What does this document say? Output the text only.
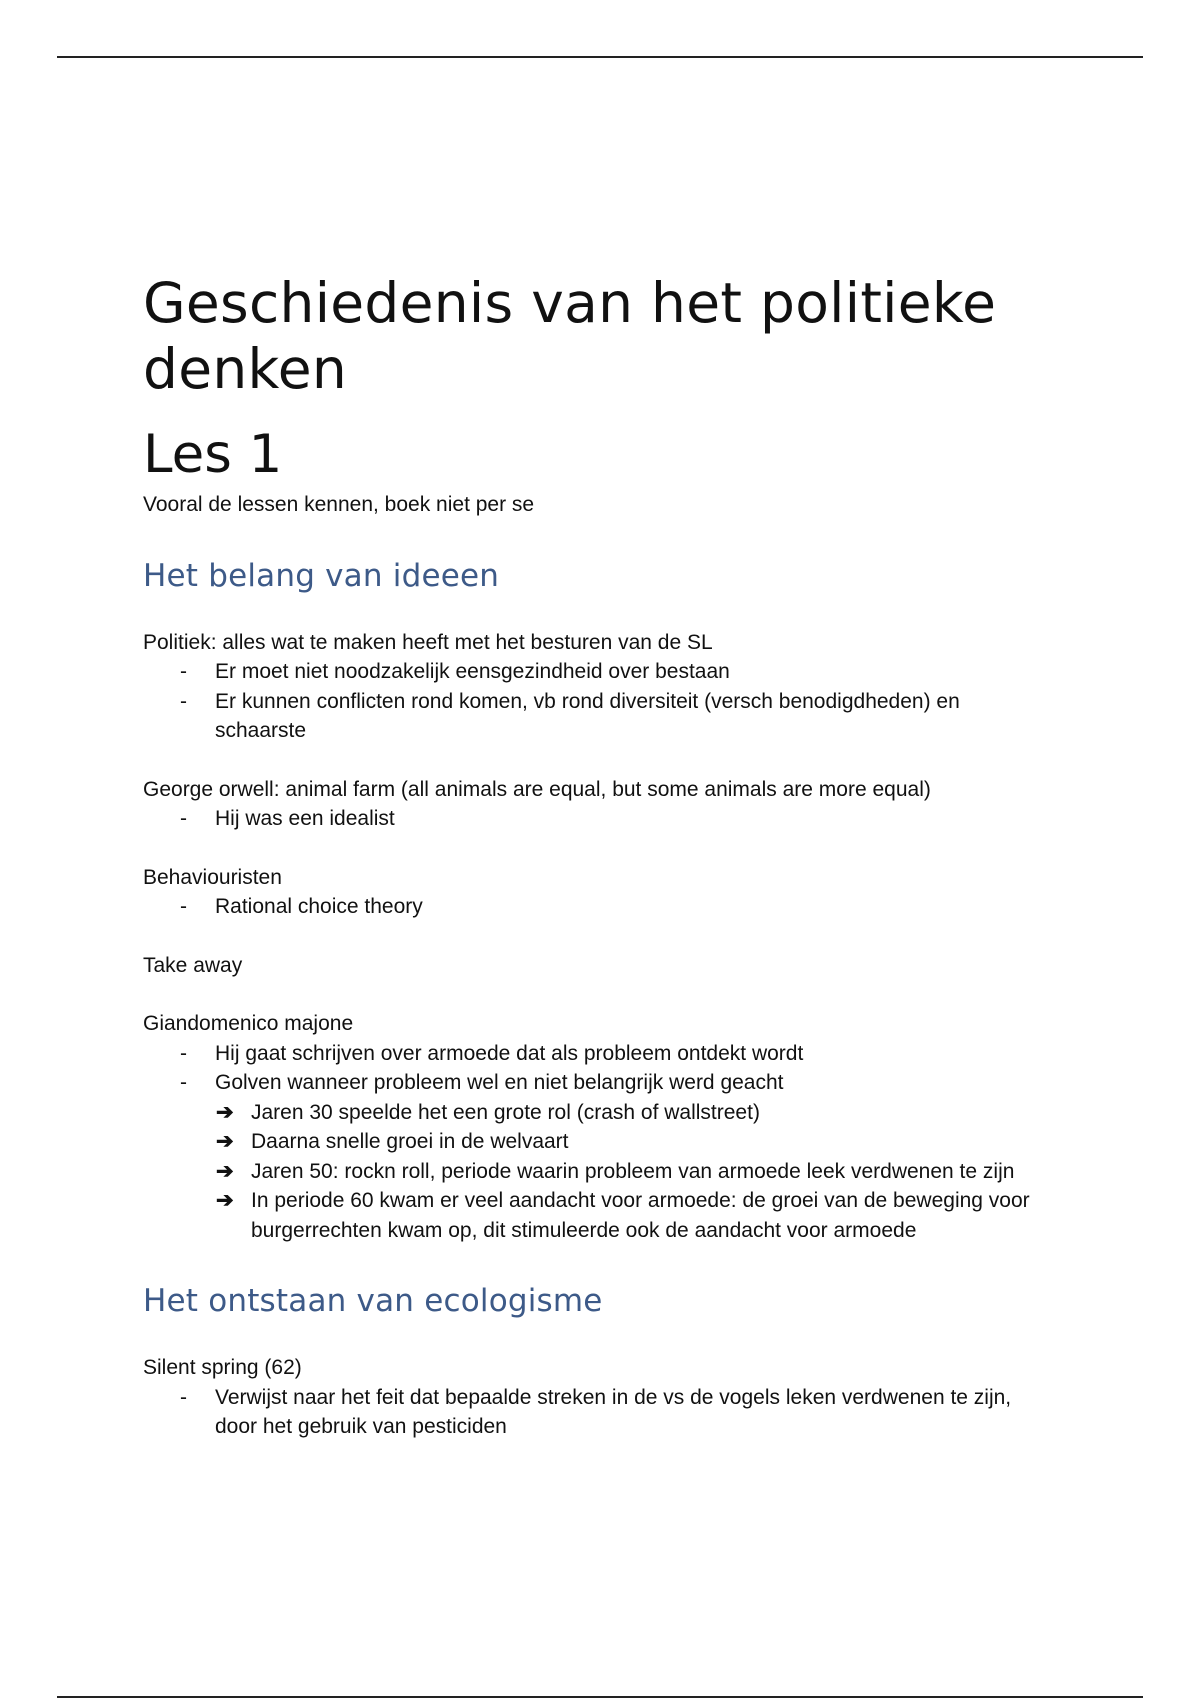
Geschiedenis van het politieke denken
Les 1

Vooral de lessen kennen, boek niet per se

Het belang van ideeen

Politiek: alles wat te maken heeft met het besturen van de SL

- Er moet niet noodzakelijk eensgezindheid over bestaan
- Er kunnen conflicten rond komen, vb rond diversiteit (versch benodigdheden) en schaarste

George orwell: animal farm (all animals are equal, but some animals are more equal)

- Hij was een idealist

Behaviouristen

- Rational choice theory

Take away

Giandomenico majone

- Hij gaat schrijven over armoede dat als probleem ontdekt wordt
- Golven wanneer probleem wel en niet belangrijk werd geacht
➔ Jaren 30 speelde het een grote rol (crash of wallstreet)
➔ Daarna snelle groei in de welvaart
➔ Jaren 50: rockn roll, periode waarin probleem van armoede leek verdwenen te zijn
➔ In periode 60 kwam er veel aandacht voor armoede: de groei van de beweging voor burgerrechten kwam op, dit stimuleerde ook de aandacht voor armoede
Het ontstaan van ecologisme

Silent spring (62)

- Verwijst naar het feit dat bepaalde streken in de vs de vogels leken verdwenen te zijn, door het gebruik van pesticiden
